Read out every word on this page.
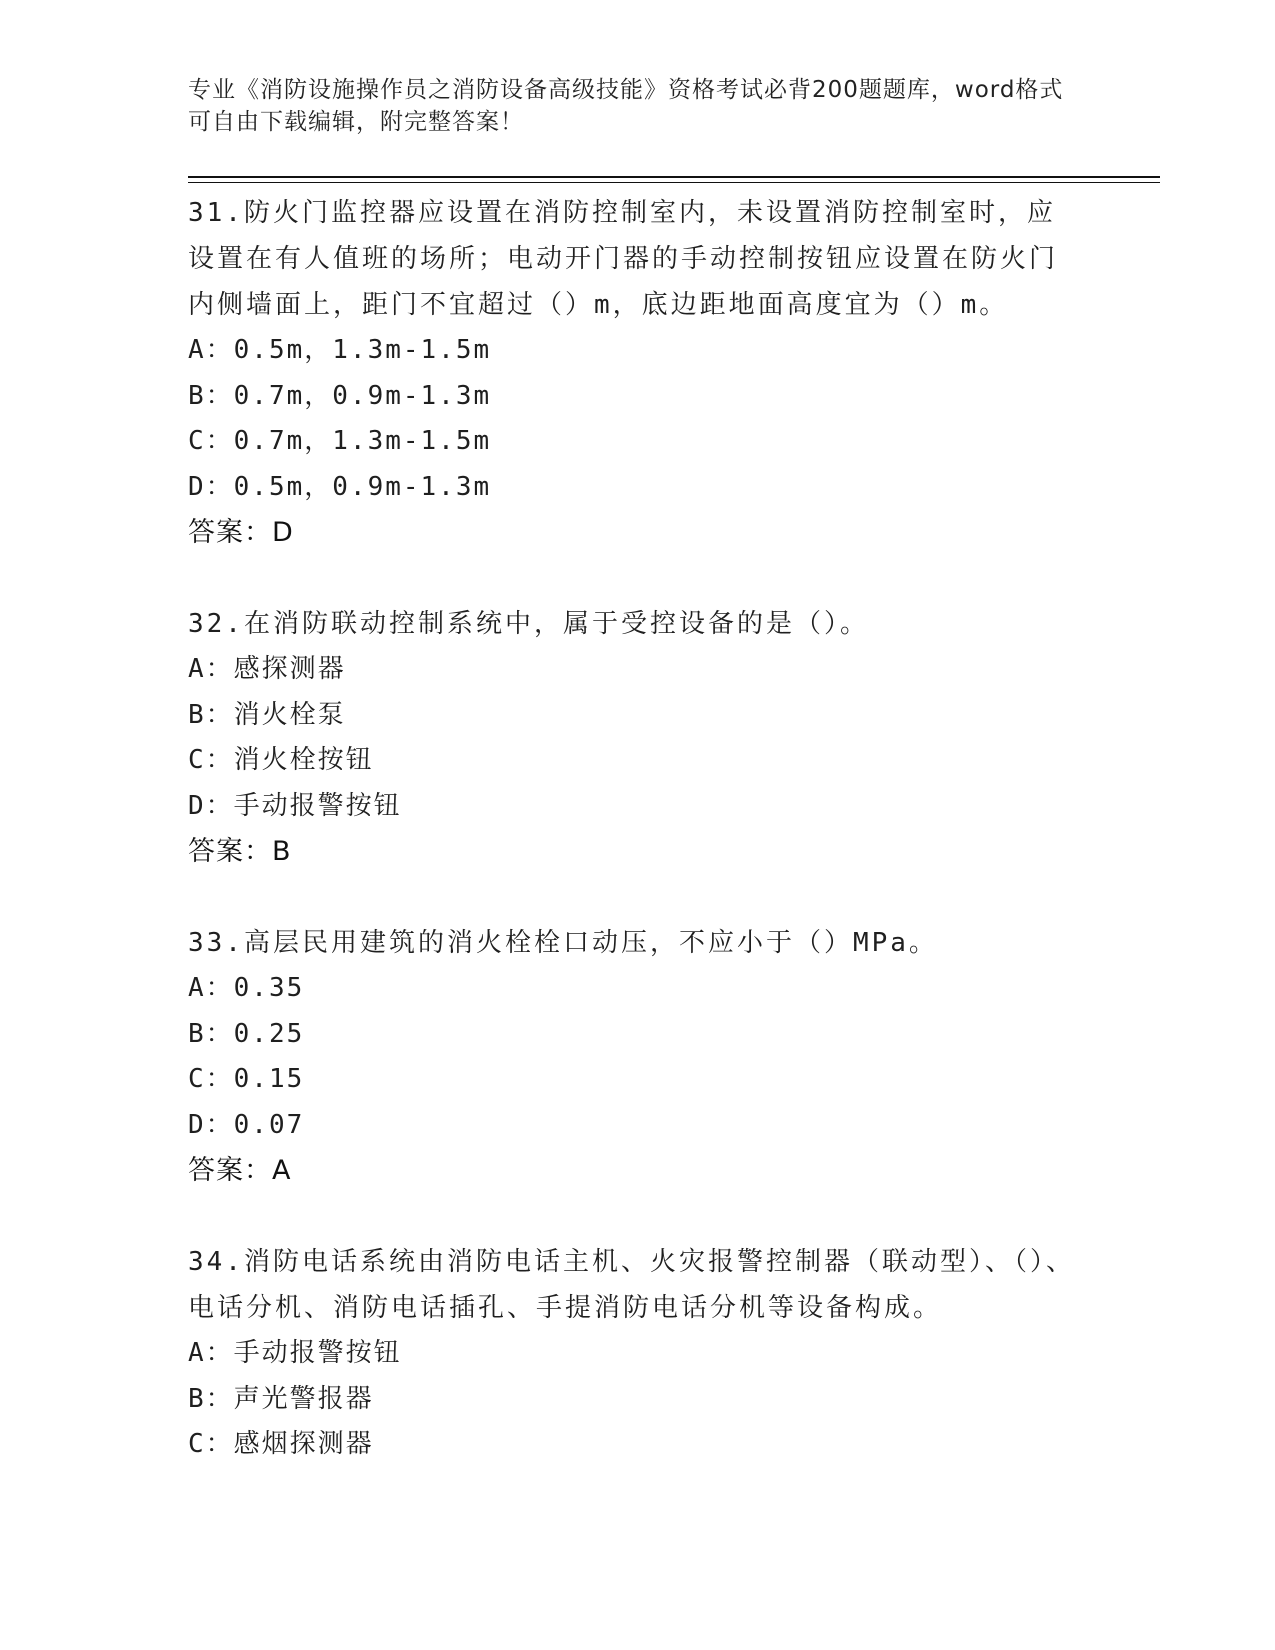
专业《消防设施操作员之消防设备高级技能》资格考试必背200题题库，word格式可自由下载编辑，附完整答案！

31.防火门监控器应设置在消防控制室内，未设置消防控制室时，应设置在有人值班的场所；电动开门器的手动控制按钮应设置在防火门内侧墙面上，距门不宜超过（）m，底边距地面高度宜为（）m。

A：0.5m，1.3m-1.5m

B：0.7m，0.9m-1.3m

C：0.7m，1.3m-1.5m

D：0.5m，0.9m-1.3m

答案：D

32.在消防联动控制系统中，属于受控设备的是（）。

A：感探测器

B：消火栓泵

C：消火栓按钮

D：手动报警按钮

答案：B

33.高层民用建筑的消火栓栓口动压，不应小于（）MPa。

A：0.35

B：0.25

C：0.15

D：0.07

答案：A

34.消防电话系统由消防电话主机、火灾报警控制器（联动型）、（）、电话分机、消防电话插孔、手提消防电话分机等设备构成。

A：手动报警按钮

B：声光警报器

C：感烟探测器
